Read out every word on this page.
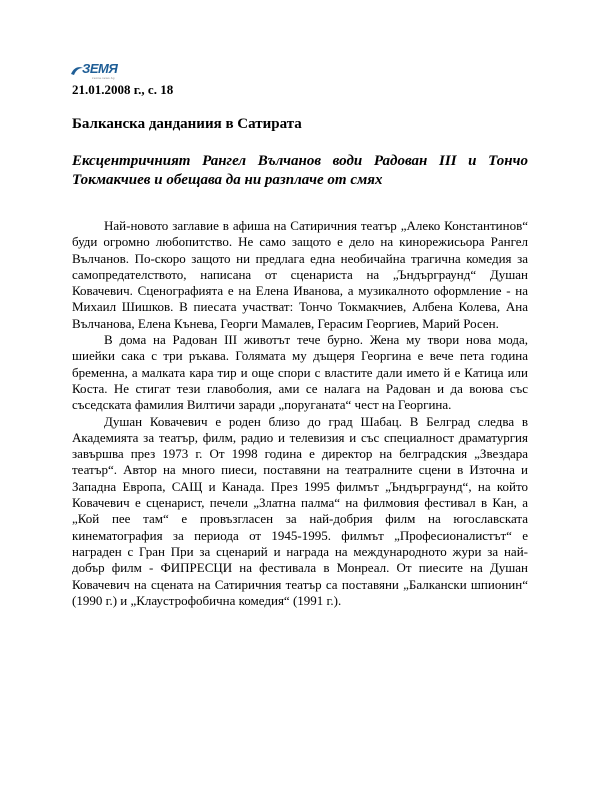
ЗЕМЯ
zemia.news.bg
21.01.2008 г., с. 18
Балканска данданиия в Сатирата
Ексцентричният Рангел Вълчанов води Радован III и Тончо Токмакчиев и обещава да ни разплаче от смях

Най-новото заглавие в афиша на Сатиричния театър „Алеко Константинов“ буди огромно любопитство. Не само защото е дело на кинорежисьора Рангел Вълчанов. По-скоро защото ни предлага една необичайна трагична комедия за самопредателството, написана от сценариста на „Ъндърграунд“ Душан Ковачевич. Сценографията е на Елена Иванова, а музикалното оформление - на Михаил Шишков. В пиесата участват: Тончо Токмакчиев, Албена Колева, Ана Вълчанова, Елена Кънева, Георги Мамалев, Герасим Георгиев, Марий Росен.

В дома на Радован III животът тече бурно. Жена му твори нова мода, шиейки сака с три ръкава. Голямата му дъщеря Георгина е вече пета година бременна, а малката кара тир и още спори с властите дали името й е Катица или Коста. Не стигат тези главоболия, ами се налага на Радован и да воюва със съседската фамилия Вилтичи заради „поруганата“ чест на Георгина.

Душан Ковачевич е роден близо до град Шабац. В Белград следва в Академията за театър, филм, радио и телевизия и със специалност драматургия завършва през 1973 г. От 1998 година е директор на белградския „Звездара театър“. Автор на много пиеси, поставяни на театралните сцени в Източна и Западна Европа, САЩ и Канада. През 1995 филмът „Ъндърграунд“, на който Ковачевич е сценарист, печели „Златна палма“ на филмовия фестивал в Кан, а „Кой пее там“ е провъзгласен за най-добрия филм на югославската кинематография за периода от 1945-1995. филмът „Професионалистът“ е награден с Гран При за сценарий и награда на международното жури за най-добър филм - ФИПРЕСЦИ на фестивала в Монреал. От пиесите на Душан Ковачевич на сцената на Сатиричния театър са поставяни „Балкански шпионин“ (1990 г.) и „Клаустрофобична комедия“ (1991 г.).
